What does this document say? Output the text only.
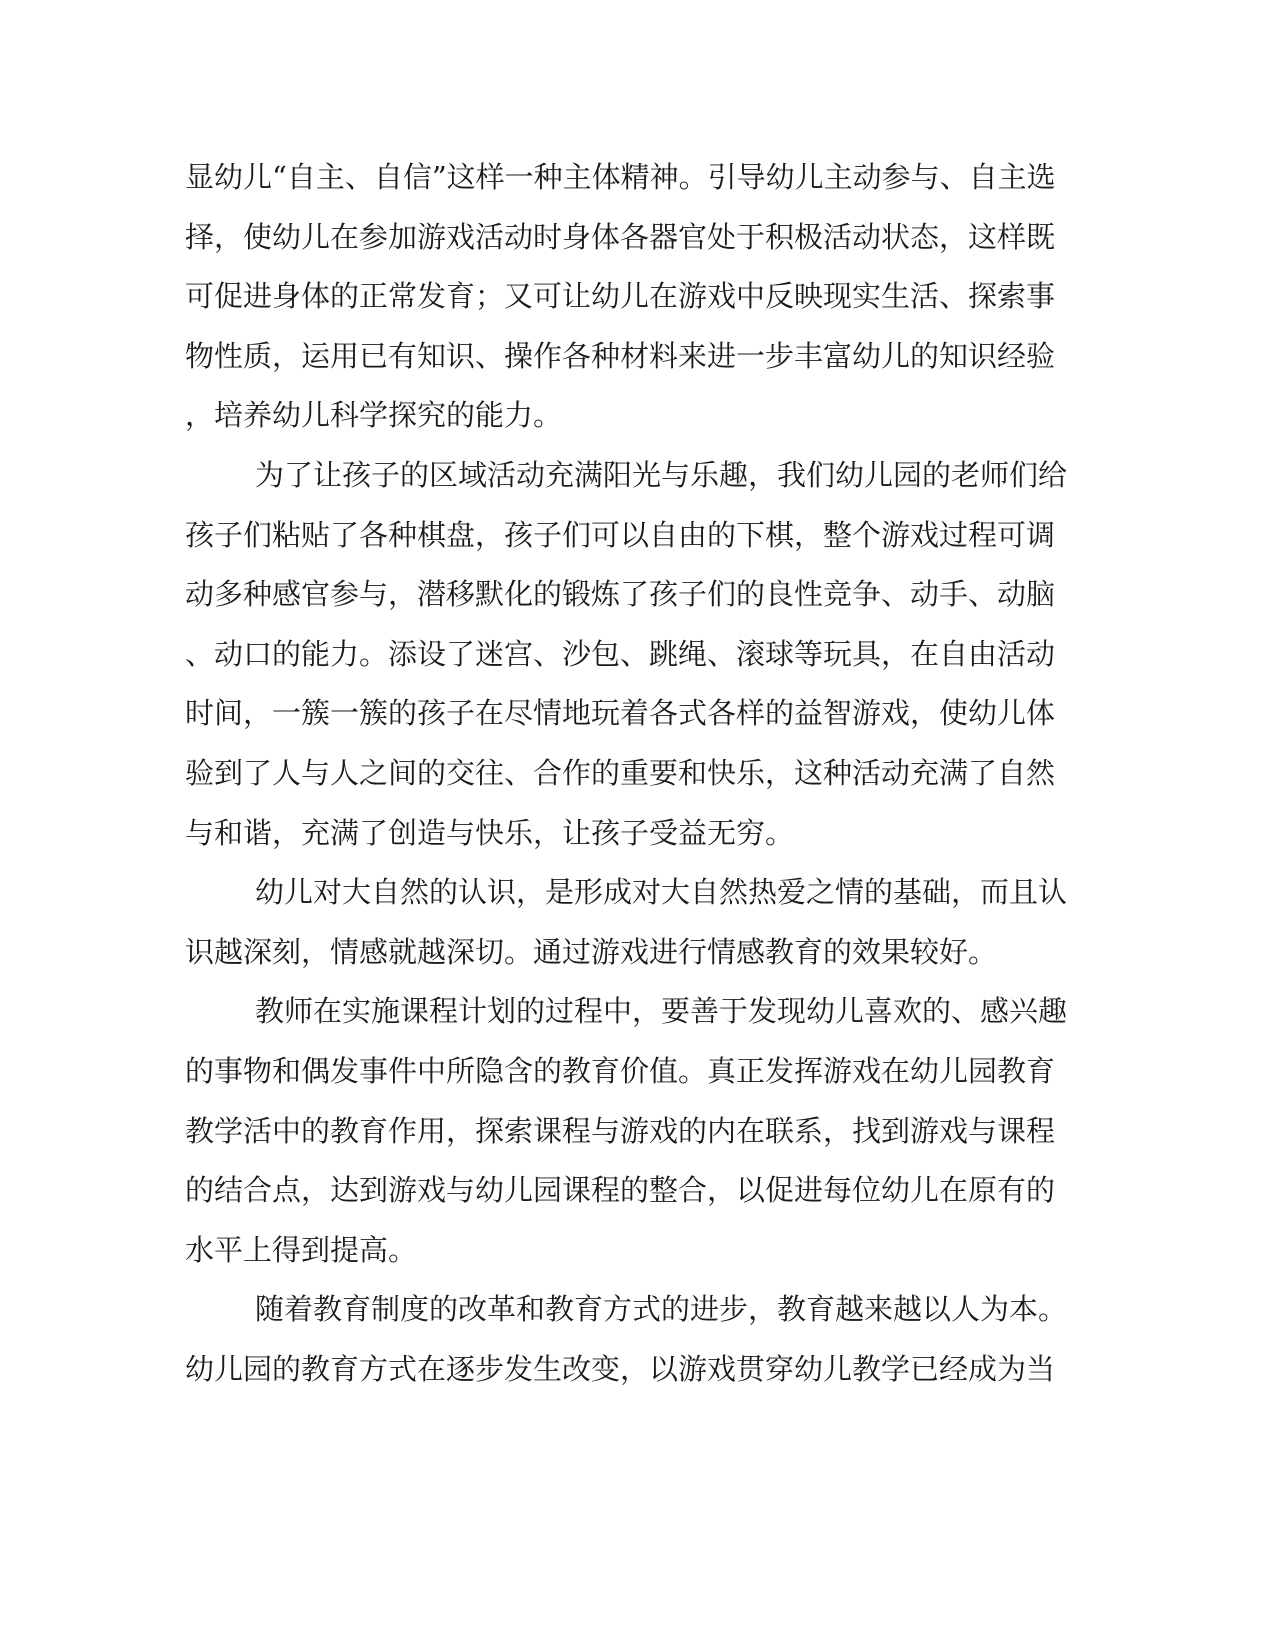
显幼儿“自主、自信”这样一种主体精神。引导幼儿主动参与、自主选
择，使幼儿在参加游戏活动时身体各器官处于积极活动状态，这样既
可促进身体的正常发育；又可让幼儿在游戏中反映现实生活、探索事
物性质，运用已有知识、操作各种材料来进一步丰富幼儿的知识经验
，培养幼儿科学探究的能力。
为了让孩子的区域活动充满阳光与乐趣，我们幼儿园的老师们给
孩子们粘贴了各种棋盘，孩子们可以自由的下棋，整个游戏过程可调
动多种感官参与，潜移默化的锻炼了孩子们的良性竞争、动手、动脑
、动口的能力。添设了迷宫、沙包、跳绳、滚球等玩具，在自由活动
时间，一簇一簇的孩子在尽情地玩着各式各样的益智游戏，使幼儿体
验到了人与人之间的交往、合作的重要和快乐，这种活动充满了自然
与和谐，充满了创造与快乐，让孩子受益无穷。
幼儿对大自然的认识，是形成对大自然热爱之情的基础，而且认
识越深刻，情感就越深切。通过游戏进行情感教育的效果较好。
教师在实施课程计划的过程中，要善于发现幼儿喜欢的、感兴趣
的事物和偶发事件中所隐含的教育价值。真正发挥游戏在幼儿园教育
教学活中的教育作用，探索课程与游戏的内在联系，找到游戏与课程
的结合点，达到游戏与幼儿园课程的整合，以促进每位幼儿在原有的
水平上得到提高。
随着教育制度的改革和教育方式的进步，教育越来越以人为本。
幼儿园的教育方式在逐步发生改变，以游戏贯穿幼儿教学已经成为当
